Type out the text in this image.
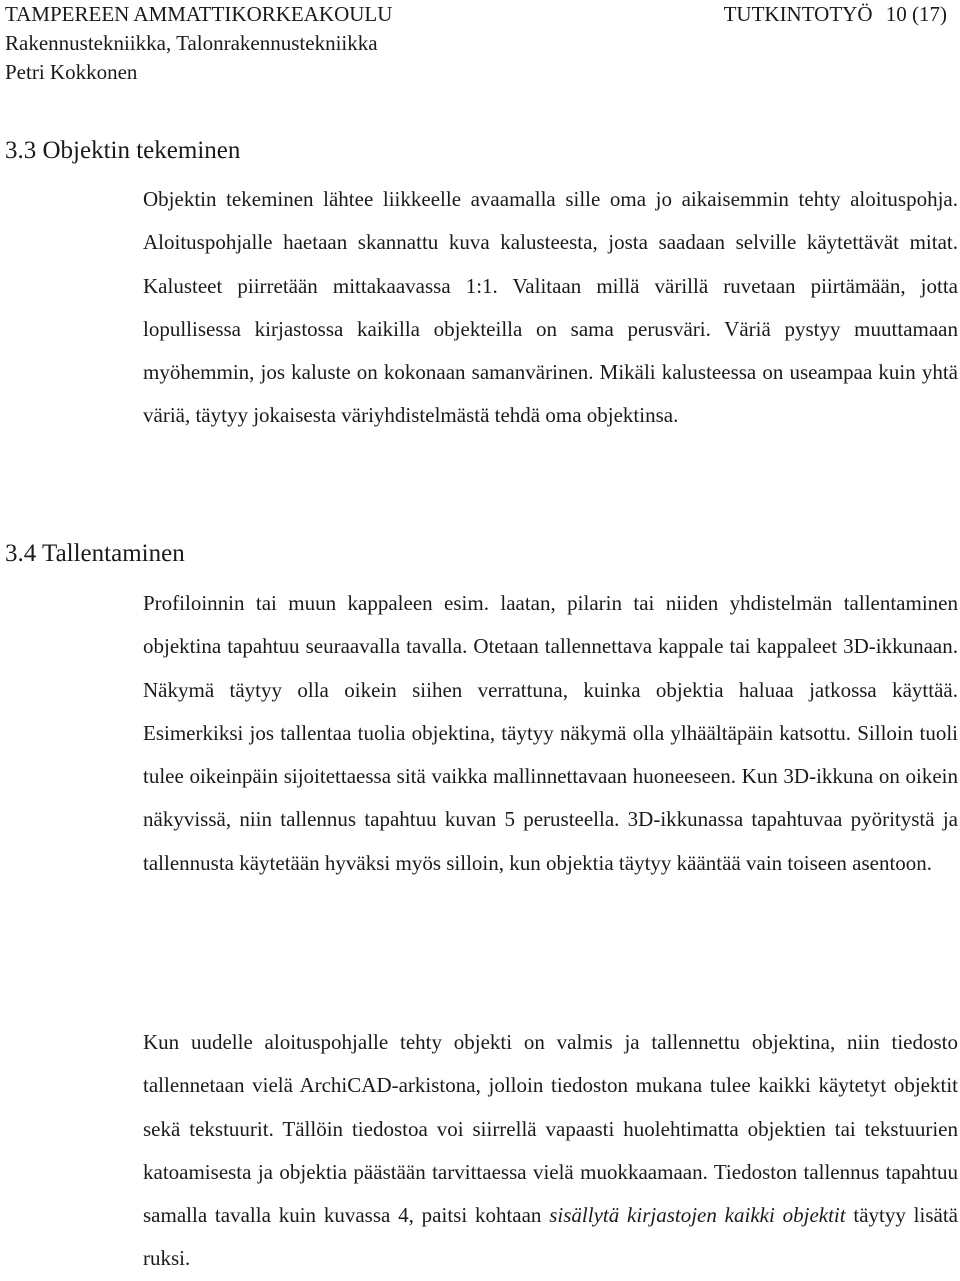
TAMPEREEN AMMATTIKORKEAKOULU	TUTKINTOTYÖ 10 (17)
Rakennustekniikka, Talonrakennustekniikka
Petri Kokkonen
3.3 Objektin tekeminen

Objektin tekeminen lähtee liikkeelle avaamalla sille oma jo aikaisemmin tehty aloituspohja. Aloituspohjalle haetaan skannattu kuva kalusteesta, josta saadaan selville käytettävät mitat. Kalusteet piirretään mittakaavassa 1:1. Valitaan millä värillä ruvetaan piirtämään, jotta lopullisessa kirjastossa kaikilla objekteilla on sama perusväri. Väriä pystyy muuttamaan myöhemmin, jos kaluste on kokonaan samanvärinen. Mikäli kalusteessa on useampaa kuin yhtä väriä, täytyy jokaisesta väriyhdistelmästä tehdä oma objektinsa.

3.4 Tallentaminen

Profiloinnin tai muun kappaleen esim. laatan, pilarin tai niiden yhdistelmän tallentaminen objektina tapahtuu seuraavalla tavalla. Otetaan tallennettava kappale tai kappaleet 3D-ikkunaan. Näkymä täytyy olla oikein siihen verrattuna, kuinka objektia haluaa jatkossa käyttää. Esimerkiksi jos tallentaa tuolia objektina, täytyy näkymä olla ylhäältäpäin katsottu. Silloin tuoli tulee oikeinpäin sijoitettaessa sitä vaikka mallinnettavaan huoneeseen. Kun 3D-ikkuna on oikein näkyvissä, niin tallennus tapahtuu kuvan 5 perusteella. 3D-ikkunassa tapahtuvaa pyöritystä ja tallennusta käytetään hyväksi myös silloin, kun objektia täytyy kääntää vain toiseen asentoon.

Kun uudelle aloituspohjalle tehty objekti on valmis ja tallennettu objektina, niin tiedosto tallennetaan vielä ArchiCAD-arkistona, jolloin tiedoston mukana tulee kaikki käytetyt objektit sekä tekstuurit. Tällöin tiedostoa voi siirrellä vapaasti huolehtimatta objektien tai tekstuurien katoamisesta ja objektia päästään tarvittaessa vielä muokkaamaan. Tiedoston tallennus tapahtuu samalla tavalla kuin kuvassa 4, paitsi kohtaan sisällytä kirjastojen kaikki objektit täytyy lisätä ruksi.
